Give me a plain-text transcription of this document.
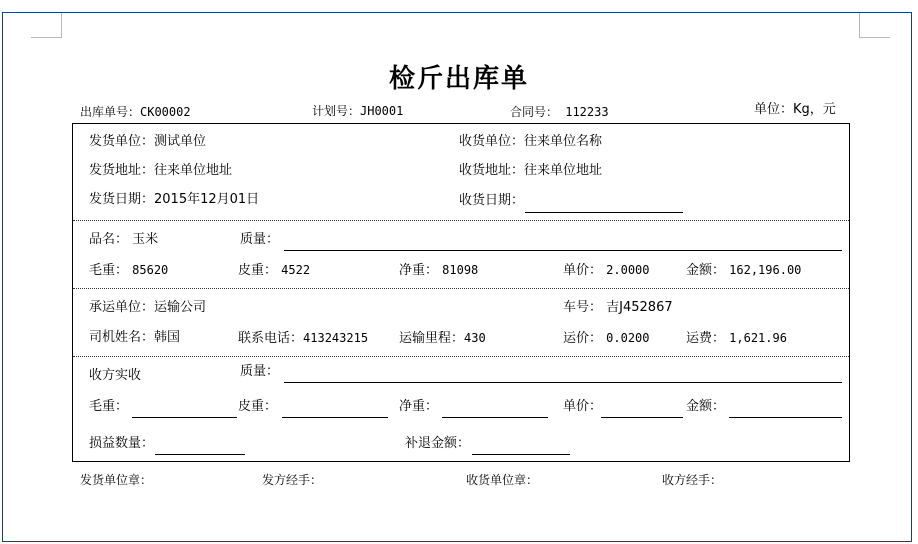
检斤出库单
出库单号：CK00002	计划号：JH0001	合同号： 112233	单位：Kg，元
发货单位：测试单位
发货地址：往来单位地址
发货日期：2015年12月01日
收货单位：往来单位名称
收货地址：往来单位地址
收货日期：
品名： 玉米	质量：
毛重： 85620	皮重： 4522	净重： 81098	单价： 2.0000	金额： 162,196.00
承运单位：运输公司	车号： 吉J452867
司机姓名：韩国	联系电话：413243215 运输里程：430	运价： 0.0200	运费： 1,621.96
收方实收	质量：
毛重：	皮重：	净重：	单价：	金额：
损益数量：	补退金额：
发货单位章：	发方经手：	收货单位章：	收方经手：
